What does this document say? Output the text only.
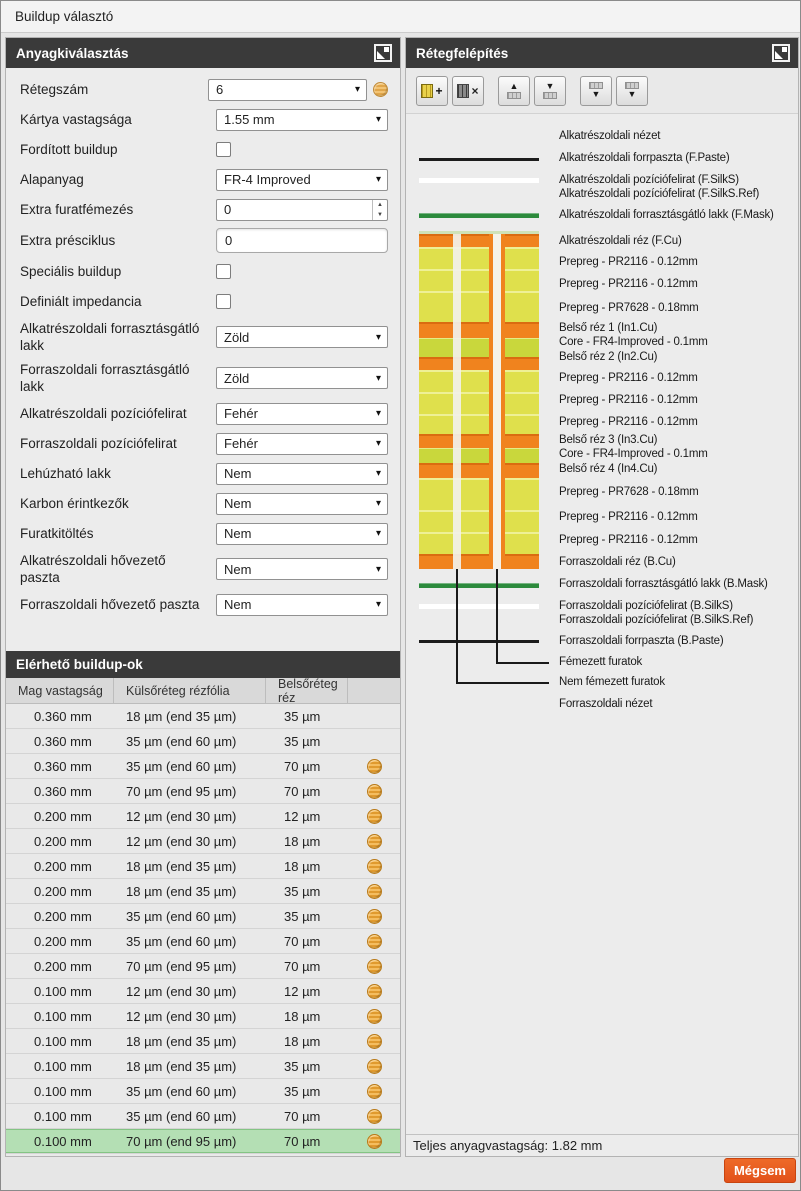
Buildup választó
Anyagkiválasztás
Rétegszám	6	▾
Kártya vastagsága	1.55 mm	▾
Fordított buildup
Alapanyag	FR-4 Improved	▾
Extra furatfémezés	0	▲
▼
Extra présciklus	0
Speciális buildup
Definiált impedancia
Alkatrészoldali forrasztásgátló lakk
Zöld	▾
Forraszoldali forrasztásgátló lakk
Zöld	▾
Alkatrészoldali pozíciófelirat	Fehér	▾
Forraszoldali pozíciófelirat	Fehér	▾
Lehúzható lakk	Nem	▾
Karbon érintkezők	Nem	▾
Furatkitöltés	Nem	▾
Alkatrészoldali hővezető paszta
Nem	▾
Forraszoldali hővezető paszta Nem	▾
Elérhető buildup-ok
Mag vastagság	Külsőréteg rézfólia	Belsőréteg réz
0.360 mm	18 µm (end 35 µm)	35 µm
0.360 mm	35 µm (end 60 µm)	35 µm
0.360 mm	35 µm (end 60 µm)	70 µm
0.360 mm	70 µm (end 95 µm)	70 µm
0.200 mm	12 µm (end 30 µm)	12 µm
0.200 mm	12 µm (end 30 µm)	18 µm
0.200 mm	18 µm (end 35 µm)	18 µm
0.200 mm	18 µm (end 35 µm)	35 µm
0.200 mm	35 µm (end 60 µm)	35 µm
0.200 mm	35 µm (end 60 µm)	70 µm
0.200 mm	70 µm (end 95 µm)	70 µm
0.100 mm	12 µm (end 30 µm)	12 µm
0.100 mm	12 µm (end 30 µm)	18 µm
0.100 mm	18 µm (end 35 µm)	18 µm
0.100 mm	18 µm (end 35 µm)	35 µm
0.100 mm	35 µm (end 60 µm)	35 µm
0.100 mm	35 µm (end 60 µm)	70 µm
0.100 mm	70 µm (end 95 µm)	70 µm
Rétegfelépítés
+ ×	▲	▼
▼	▼
Alkatrészoldali nézet
Alkatrészoldali forrpaszta (F.Paste)
Alkatrészoldali pozíciófelirat (F.SilkS)
Alkatrészoldali pozíciófelirat (F.SilkS.Ref)
Alkatrészoldali forrasztásgátló lakk (F.Mask)
Alkatrészoldali réz (F.Cu)
Prepreg - PR2116 - 0.12mm
Prepreg - PR2116 - 0.12mm
Prepreg - PR7628 - 0.18mm
Belső réz 1 (In1.Cu)
Core - FR4-Improved - 0.1mm
Belső réz 2 (In2.Cu)
Prepreg - PR2116 - 0.12mm
Prepreg - PR2116 - 0.12mm
Prepreg - PR2116 - 0.12mm
Belső réz 3 (In3.Cu)
Core - FR4-Improved - 0.1mm
Belső réz 4 (In4.Cu)
Prepreg - PR7628 - 0.18mm
Prepreg - PR2116 - 0.12mm
Prepreg - PR2116 - 0.12mm
Forraszoldali réz (B.Cu)
Forraszoldali forrasztásgátló lakk (B.Mask)
Forraszoldali pozíciófelirat (B.SilkS)
Forraszoldali pozíciófelirat (B.SilkS.Ref)
Forraszoldali forrpaszta (B.Paste)
Fémezett furatok
Nem fémezett furatok
Forraszoldali nézet
Teljes anyagvastagság: 1.82 mm
Mégsem
